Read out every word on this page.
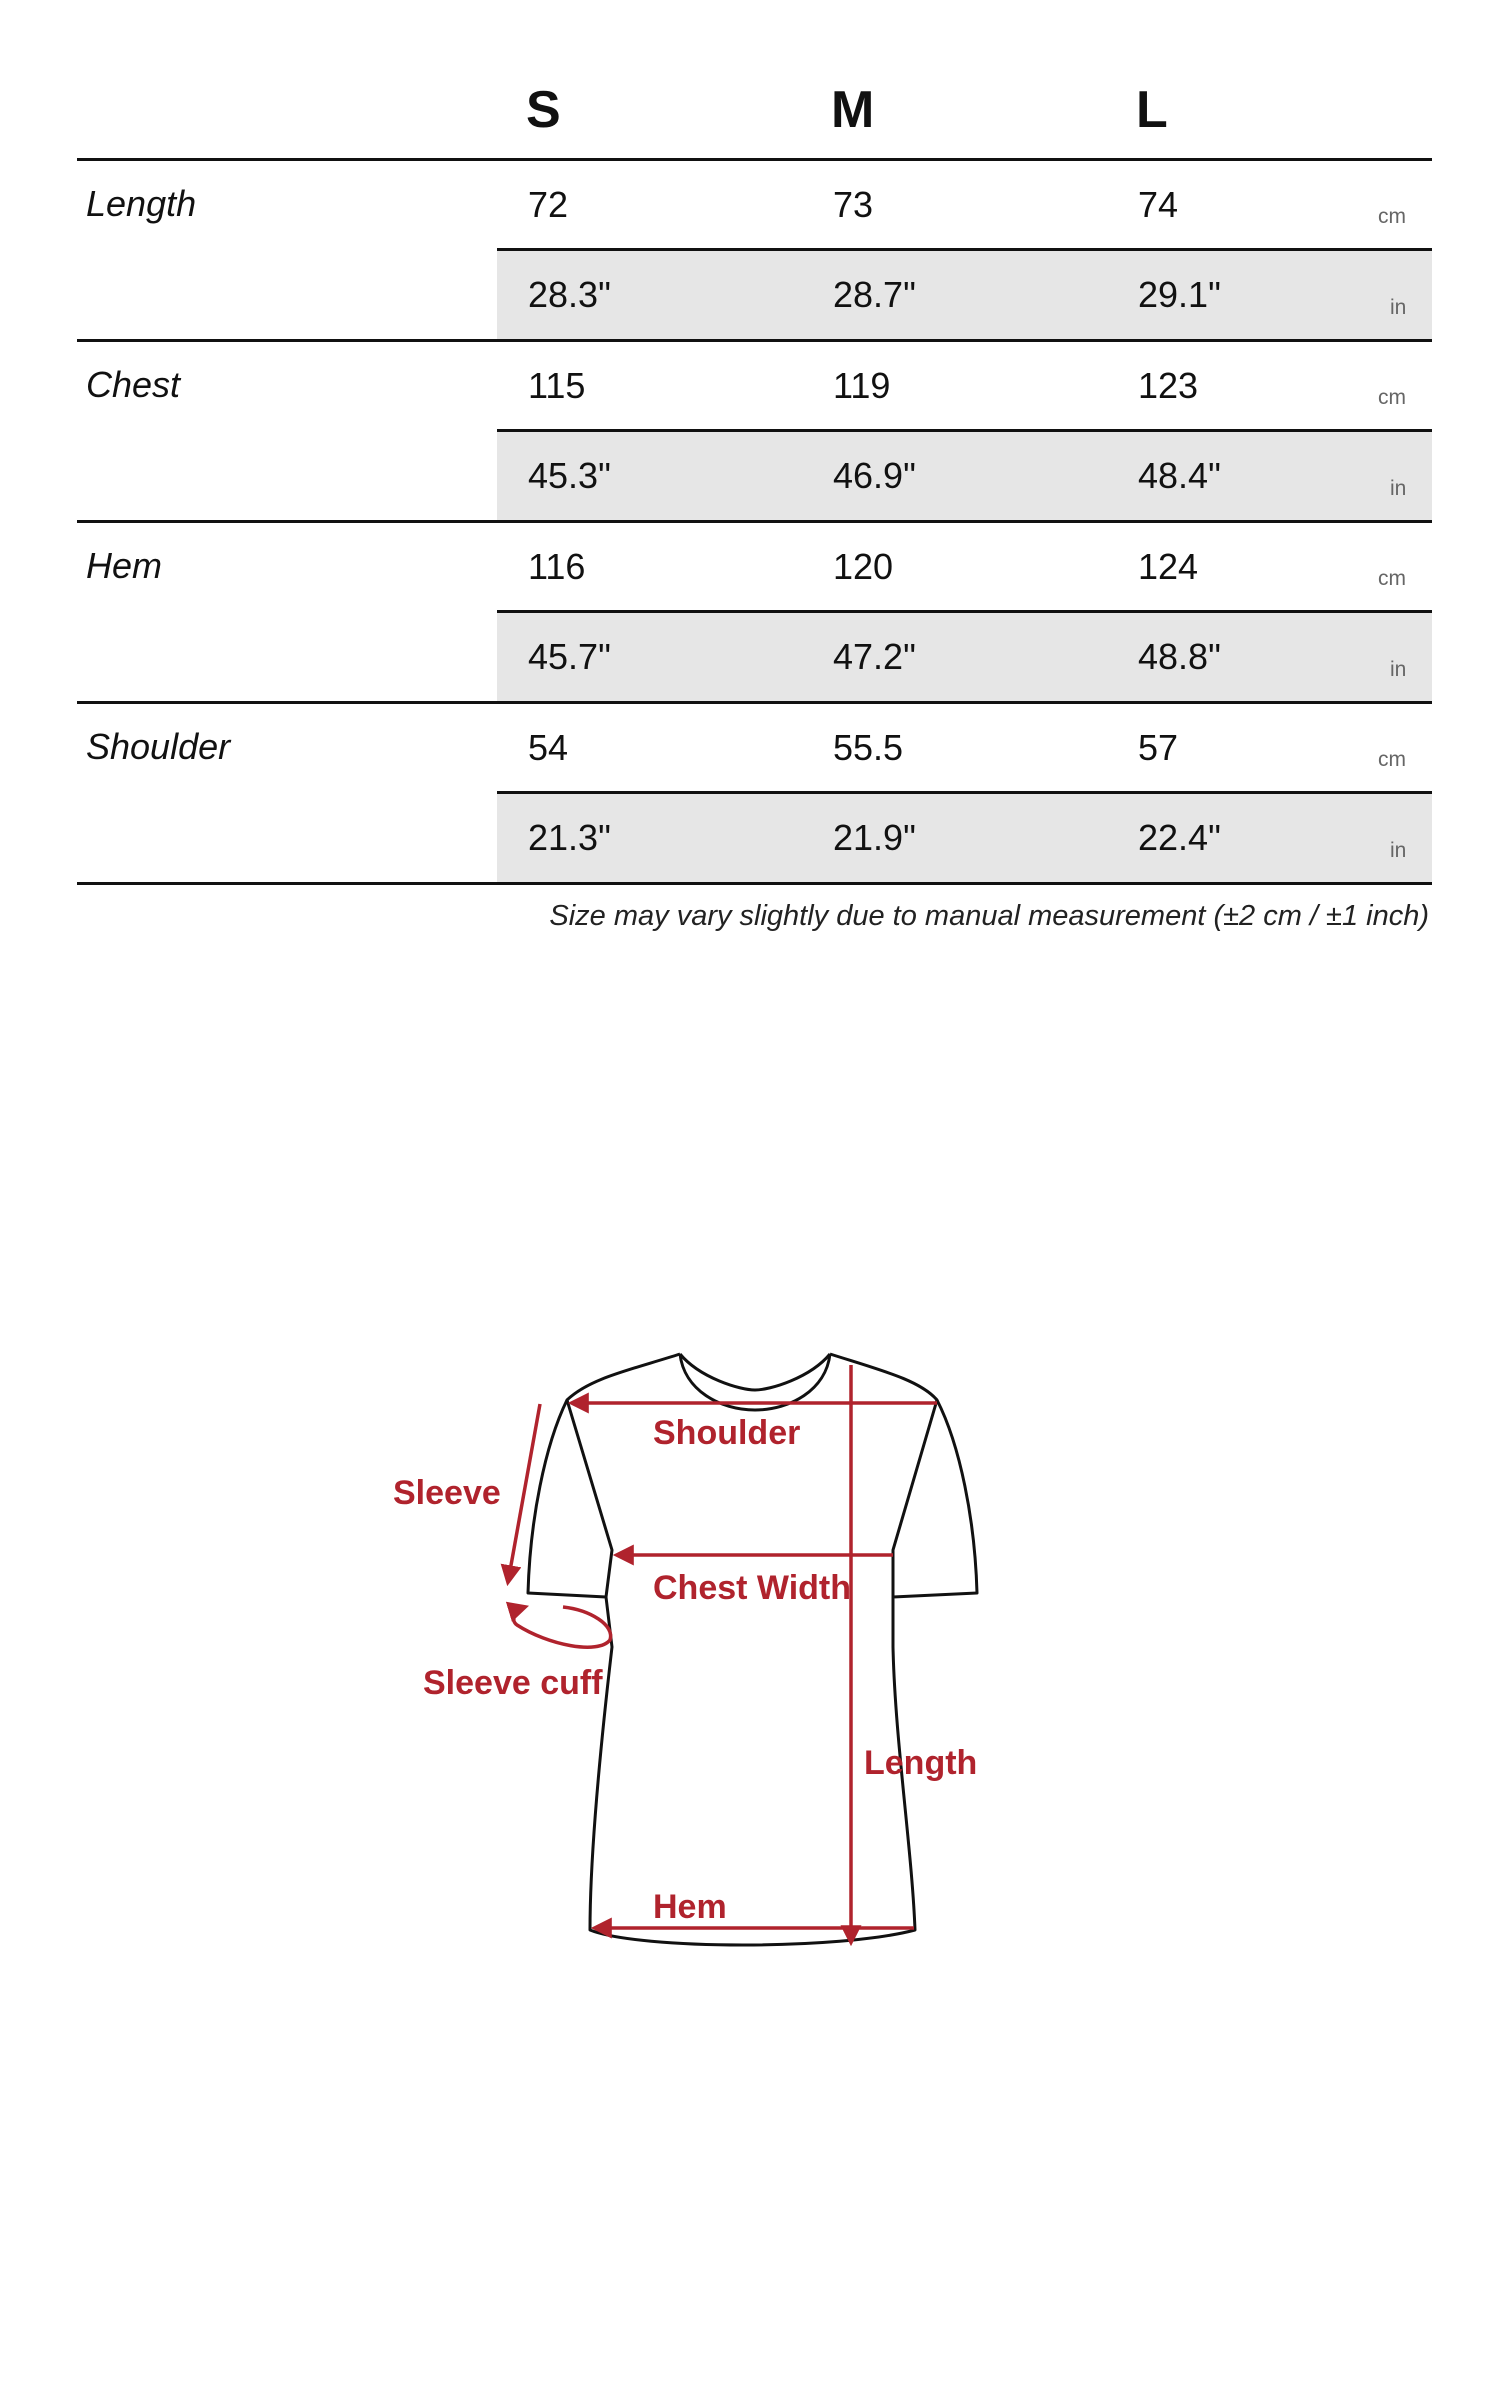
S	M	L
Length	72	73	74	cm
28.3"	28.7"	29.1"	in
Chest	115	119	123	cm
45.3"	46.9"	48.4"	in
Hem	116	120	124	cm
45.7"	47.2"	48.8"	in
Shoulder	54	55.5	57	cm
21.3"	21.9"	22.4"	in
Size may vary slightly due to manual measurement (±2 cm / ±1 inch)
Shoulder
Sleeve
Chest Width
Sleeve cuff
Length
Hem
